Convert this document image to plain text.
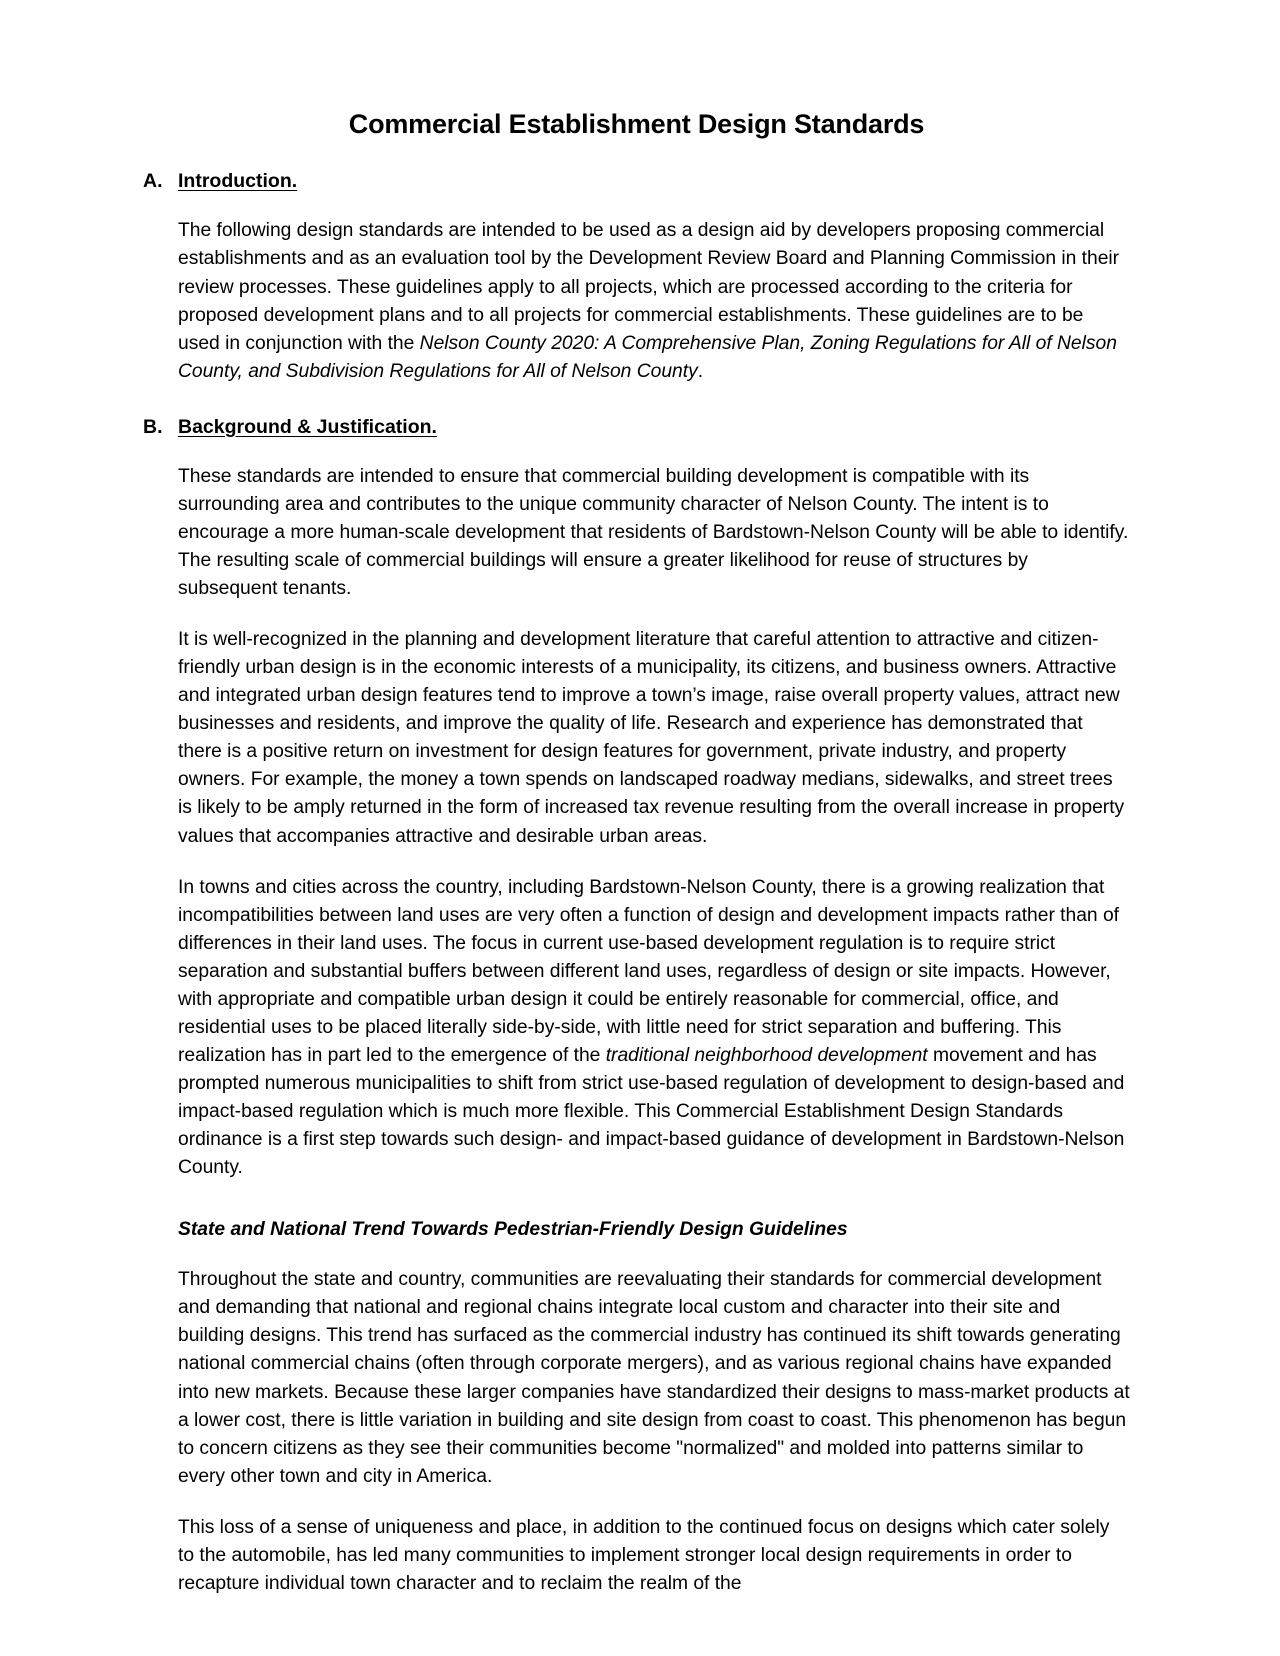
Commercial Establishment Design Standards
A. Introduction.

The following design standards are intended to be used as a design aid by developers proposing commercial establishments and as an evaluation tool by the Development Review Board and Planning Commission in their review processes. These guidelines apply to all projects, which are processed according to the criteria for proposed development plans and to all projects for commercial establishments. These guidelines are to be used in conjunction with the Nelson County 2020: A Comprehensive Plan, Zoning Regulations for All of Nelson County, and Subdivision Regulations for All of Nelson County.

B. Background & Justification.

These standards are intended to ensure that commercial building development is compatible with its surrounding area and contributes to the unique community character of Nelson County. The intent is to encourage a more human-scale development that residents of Bardstown-Nelson County will be able to identify. The resulting scale of commercial buildings will ensure a greater likelihood for reuse of structures by subsequent tenants.

It is well-recognized in the planning and development literature that careful attention to attractive and citizen-friendly urban design is in the economic interests of a municipality, its citizens, and business owners. Attractive and integrated urban design features tend to improve a town’s image, raise overall property values, attract new businesses and residents, and improve the quality of life. Research and experience has demonstrated that there is a positive return on investment for design features for government, private industry, and property owners. For example, the money a town spends on landscaped roadway medians, sidewalks, and street trees is likely to be amply returned in the form of increased tax revenue resulting from the overall increase in property values that accompanies attractive and desirable urban areas.

In towns and cities across the country, including Bardstown-Nelson County, there is a growing realization that incompatibilities between land uses are very often a function of design and development impacts rather than of differences in their land uses. The focus in current use-based development regulation is to require strict separation and substantial buffers between different land uses, regardless of design or site impacts. However, with appropriate and compatible urban design it could be entirely reasonable for commercial, office, and residential uses to be placed literally side-by-side, with little need for strict separation and buffering. This realization has in part led to the emergence of the traditional neighborhood development movement and has prompted numerous municipalities to shift from strict use-based regulation of development to design-based and impact-based regulation which is much more flexible. This Commercial Establishment Design Standards ordinance is a first step towards such design- and impact-based guidance of development in Bardstown-Nelson County.

State and National Trend Towards Pedestrian-Friendly Design Guidelines

Throughout the state and country, communities are reevaluating their standards for commercial development and demanding that national and regional chains integrate local custom and character into their site and building designs. This trend has surfaced as the commercial industry has continued its shift towards generating national commercial chains (often through corporate mergers), and as various regional chains have expanded into new markets. Because these larger companies have standardized their designs to mass-market products at a lower cost, there is little variation in building and site design from coast to coast. This phenomenon has begun to concern citizens as they see their communities become "normalized" and molded into patterns similar to every other town and city in America.

This loss of a sense of uniqueness and place, in addition to the continued focus on designs which cater solely to the automobile, has led many communities to implement stronger local design requirements in order to recapture individual town character and to reclaim the realm of the
